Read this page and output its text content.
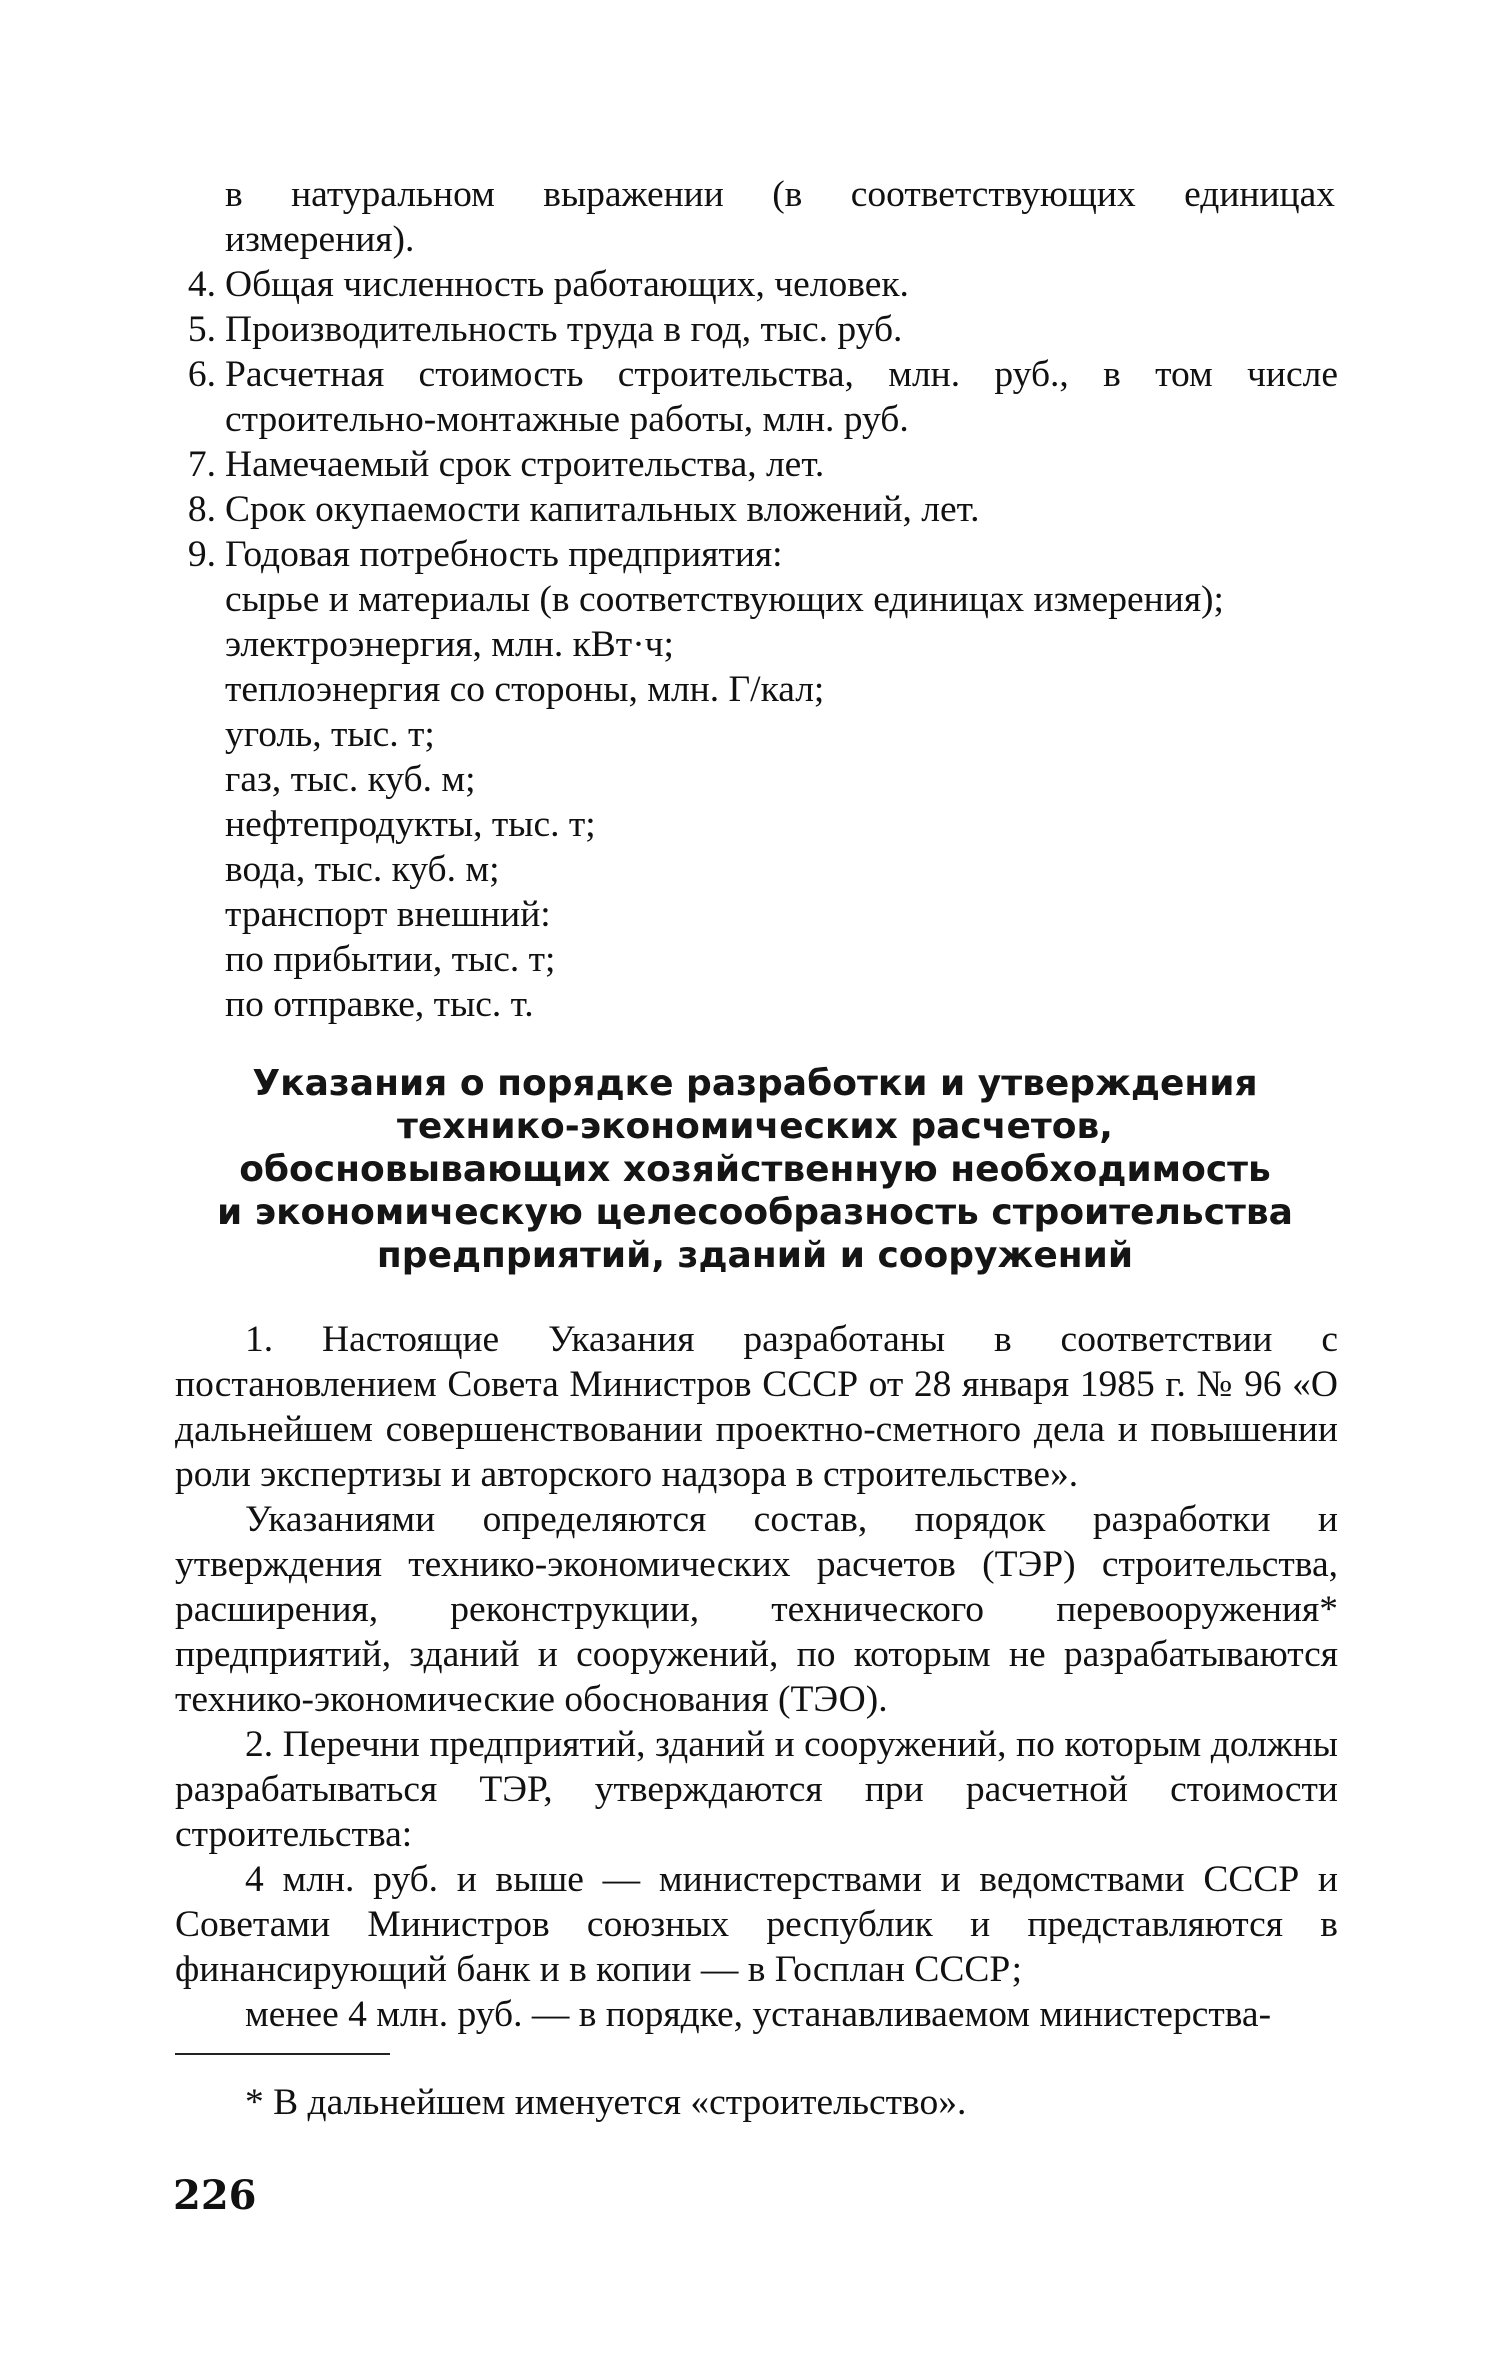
в натуральном выражении (в соответствующих единицах измерения).

4. Общая численность работающих, человек.
5. Производительность труда в год, тыс. руб.
6. Расчетная стоимость строительства, млн. руб., в том числе строительно-монтажные работы, млн. руб.
7. Намечаемый срок строительства, лет.
8. Срок окупаемости капитальных вложений, лет.
9. Годовая потребность предприятия:
сырье и материалы (в соответствующих единицах измерения);
электроэнергия, млн. кВт·ч;
теплоэнергия со стороны, млн. Г/кал;
уголь, тыс. т;
газ, тыс. куб. м;
нефтепродукты, тыс. т;
вода, тыс. куб. м;
транспорт внешний:
по прибытии, тыс. т;
по отправке, тыс. т.
Указания о порядке разработки и утверждения
технико-экономических расчетов,
обосновывающих хозяйственную необходимость
и экономическую целесообразность строительства
предприятий, зданий и сооружений

1. Настоящие Указания разработаны в соответствии с постановлением Совета Министров СССР от 28 января 1985 г. № 96 «О дальнейшем совершенствовании проектно-сметного дела и повышении роли экспертизы и авторского надзора в строительстве».

Указаниями определяются состав, порядок разработки и утверждения технико-экономических расчетов (ТЭР) строительства, расширения, реконструкции, технического перевооружения* предприятий, зданий и сооружений, по которым не разрабатываются технико-экономические обоснования (ТЭО).

2. Перечни предприятий, зданий и сооружений, по которым должны разрабатываться ТЭР, утверждаются при расчетной стоимости строительства:

4 млн. руб. и выше — министерствами и ведомствами СССР и Советами Министров союзных республик и представляются в финансирующий банк и в копии — в Госплан СССР;

менее 4 млн. руб. — в порядке, устанавливаемом министерства-

* В дальнейшем именуется «строительство».

226
